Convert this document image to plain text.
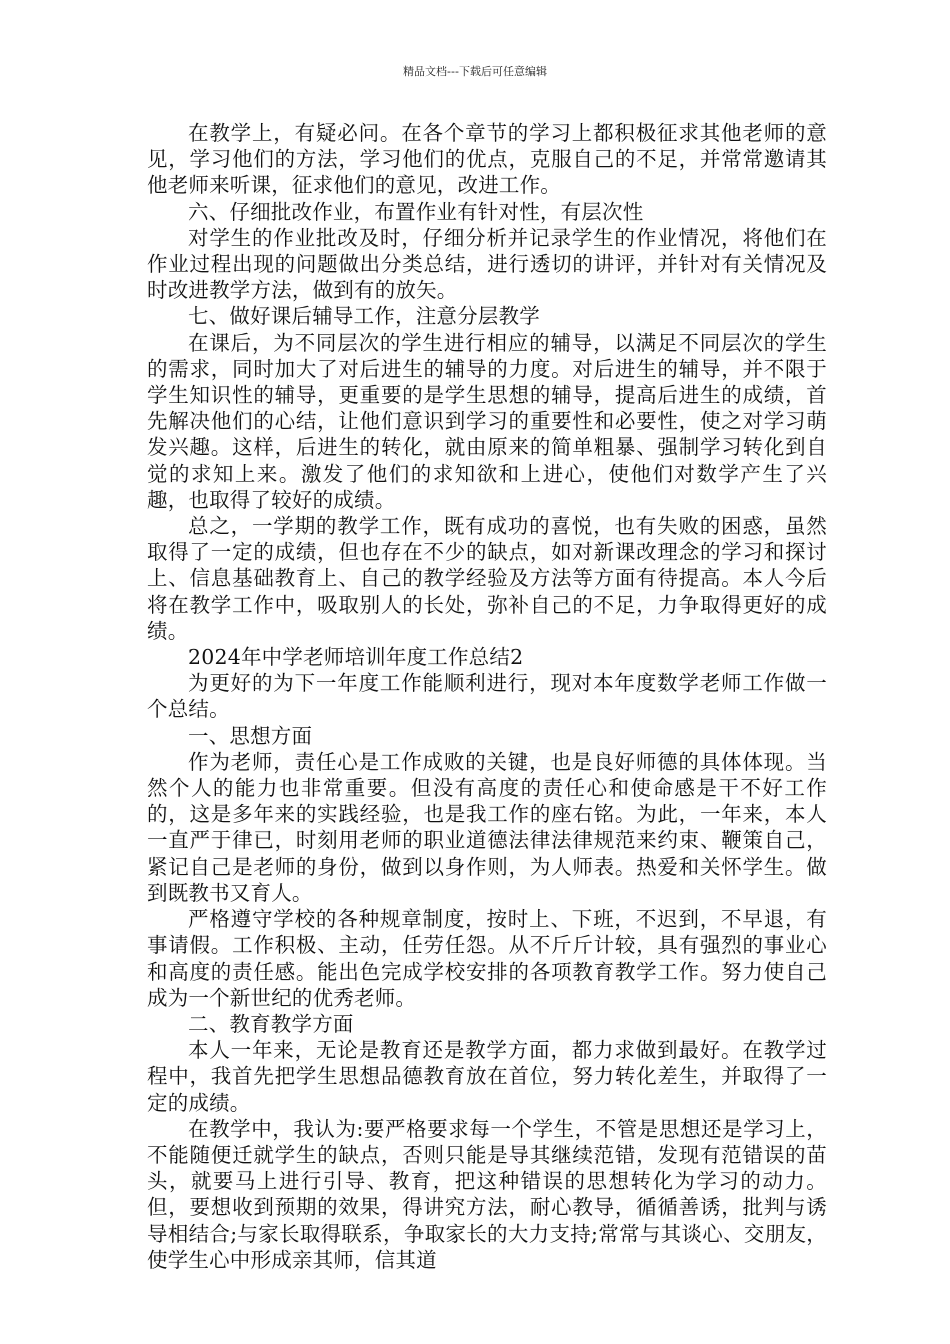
精品文档---下载后可任意编辑

在教学上，有疑必问。在各个章节的学习上都积极征求其他老师的意见，学习他们的方法，学习他们的优点，克服自己的不足，并常常邀请其他老师来听课，征求他们的意见，改进工作。

六、仔细批改作业，布置作业有针对性，有层次性

对学生的作业批改及时，仔细分析并记录学生的作业情况，将他们在作业过程出现的问题做出分类总结，进行透切的讲评，并针对有关情况及时改进教学方法，做到有的放矢。

七、做好课后辅导工作，注意分层教学

在课后，为不同层次的学生进行相应的辅导，以满足不同层次的学生的需求，同时加大了对后进生的辅导的力度。对后进生的辅导，并不限于学生知识性的辅导，更重要的是学生思想的辅导，提高后进生的成绩，首先解决他们的心结，让他们意识到学习的重要性和必要性，使之对学习萌发兴趣。这样，后进生的转化，就由原来的简单粗暴、强制学习转化到自觉的求知上来。激发了他们的求知欲和上进心，使他们对数学产生了兴趣，也取得了较好的成绩。

总之，一学期的教学工作，既有成功的喜悦，也有失败的困惑，虽然取得了一定的成绩，但也存在不少的缺点，如对新课改理念的学习和探讨上、信息基础教育上、自己的教学经验及方法等方面有待提高。本人今后将在教学工作中，吸取别人的长处，弥补自己的不足，力争取得更好的成绩。

2024年中学老师培训年度工作总结2

为更好的为下一年度工作能顺利进行，现对本年度数学老师工作做一个总结。

一、思想方面

作为老师，责任心是工作成败的关键，也是良好师德的具体体现。当然个人的能力也非常重要。但没有高度的责任心和使命感是干不好工作的，这是多年来的实践经验，也是我工作的座右铭。为此，一年来，本人一直严于律已，时刻用老师的职业道德法律法律规范来约束、鞭策自己，紧记自己是老师的身份，做到以身作则，为人师表。热爱和关怀学生。做到既教书又育人。

严格遵守学校的各种规章制度，按时上、下班，不迟到，不早退，有事请假。工作积极、主动，任劳任怨。从不斤斤计较，具有强烈的事业心和高度的责任感。能出色完成学校安排的各项教育教学工作。努力使自己成为一个新世纪的优秀老师。

二、教育教学方面

本人一年来，无论是教育还是教学方面，都力求做到最好。在教学过程中，我首先把学生思想品德教育放在首位，努力转化差生，并取得了一定的成绩。

在教学中，我认为:要严格要求每一个学生，不管是思想还是学习上，不能随便迁就学生的缺点，否则只能是导其继续范错，发现有范错误的苗头，就要马上进行引导、教育，把这种错误的思想转化为学习的动力。但，要想收到预期的效果，得讲究方法，耐心教导，循循善诱，批判与诱导相结合;与家长取得联系，争取家长的大力支持;常常与其谈心、交朋友，使学生心中形成亲其师，信其道
